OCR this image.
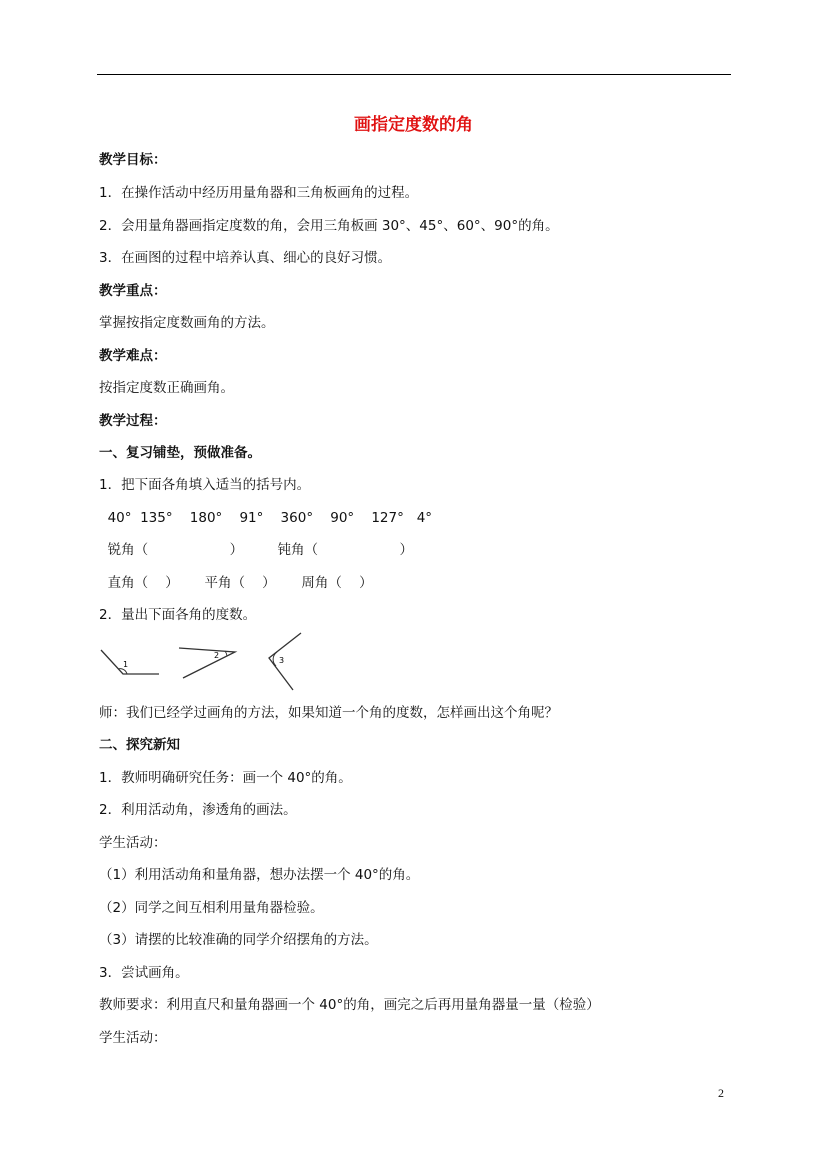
画指定度数的角
教学目标：
1．在操作活动中经历用量角器和三角板画角的过程。
2．会用量角器画指定度数的角，会用三角板画 30°、45°、60°、90°的角。
3．在画图的过程中培养认真、细心的良好习惯。
教学重点：
掌握按指定度数画角的方法。
教学难点：
按指定度数正确画角。
教学过程：
一、复习铺垫，预做准备。
1．把下面各角填入适当的括号内。
40°  135°    180°    91°    360°    90°    127°   4°
锐角（                   ）        钝角（                   ）
直角（    ）      平角（    ）      周角（    ）
2．量出下面各角的度数。
师：我们已经学过画角的方法，如果知道一个角的度数，怎样画出这个角呢？
二、探究新知
1．教师明确研究任务：画一个 40°的角。
2．利用活动角，渗透角的画法。
学生活动：
（1）利用活动角和量角器，想办法摆一个 40°的角。
（2）同学之间互相利用量角器检验。
（3）请摆的比较准确的同学介绍摆角的方法。
3．尝试画角。
教师要求：利用直尺和量角器画一个 40°的角，画完之后再用量角器量一量（检验）
学生活动：
1
2
3
2
